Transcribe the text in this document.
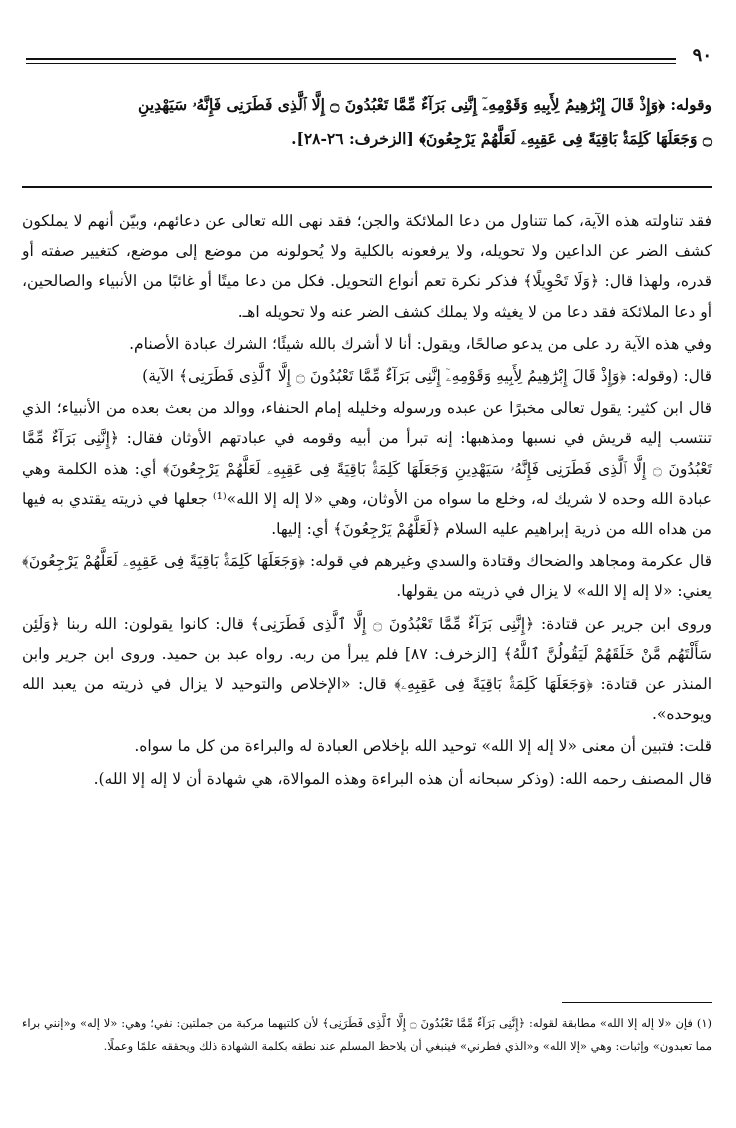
٩٠

وقوله: ﴿وَإِذْ قَالَ إِبْرَٰهِيمُ لِأَبِيهِ وَقَوْمِهِۦٓ إِنَّنِى بَرَآءٌ مِّمَّا تَعْبُدُونَ ۝ إِلَّا ٱلَّذِى فَطَرَنِى فَإِنَّهُۥ سَيَهْدِينِ

۝ وَجَعَلَهَا كَلِمَةًۢ بَاقِيَةً فِى عَقِبِهِۦ لَعَلَّهُمْ يَرْجِعُونَ﴾ [الزخرف: ٢٦-٢٨].

فقد تناولته هذه الآية، كما تتناول من دعا الملائكة والجن؛ فقد نهى الله تعالى عن دعائهم، وبيّن أنهم لا يملكون كشف الضر عن الداعين ولا تحويله، ولا يرفعونه بالكلية ولا يُحولونه من موضع إلى موضع، كتغيير صفته أو قدره، ولهذا قال: ﴿وَلَا تَحْوِيلًا﴾ فذكر نكرة تعم أنواع التحويل. فكل من دعا ميتًا أو غائبًا من الأنبياء والصالحين، أو دعا الملائكة فقد دعا من لا يغيثه ولا يملك كشف الضر عنه ولا تحويله اهـ.

وفي هذه الآية رد على من يدعو صالحًا، ويقول: أنا لا أشرك بالله شيئًا؛ الشرك عبادة الأصنام.

قال: (وقوله: ﴿وَإِذْ قَالَ إِبْرَٰهِيمُ لِأَبِيهِ وَقَوْمِهِۦٓ إِنَّنِى بَرَآءٌ مِّمَّا تَعْبُدُونَ ۝ إِلَّا ٱلَّذِى فَطَرَنِى﴾ الآية)

قال ابن كثير: يقول تعالى مخبرًا عن عبده ورسوله وخليله إمام الحنفاء، ووالد من بعث بعده من الأنبياء؛ الذي تنتسب إليه قريش في نسبها ومذهبها: إنه تبرأ من أبيه وقومه في عبادتهم الأوثان فقال: ﴿إِنَّنِى بَرَآءٌ مِّمَّا تَعْبُدُونَ ۝ إِلَّا ٱلَّذِى فَطَرَنِى فَإِنَّهُۥ سَيَهْدِينِ وَجَعَلَهَا كَلِمَةًۢ بَاقِيَةً فِى عَقِبِهِۦ لَعَلَّهُمْ يَرْجِعُونَ﴾ أي: هذه الكلمة وهي عبادة الله وحده لا شريك له، وخلع ما سواه من الأوثان، وهي «لا إله إلا الله»⁽¹⁾ جعلها في ذريته يقتدي به فيها من هداه الله من ذرية إبراهيم عليه السلام ﴿لَعَلَّهُمْ يَرْجِعُونَ﴾ أي: إليها.

قال عكرمة ومجاهد والضحاك وقتادة والسدي وغيرهم في قوله: ﴿وَجَعَلَهَا كَلِمَةًۢ بَاقِيَةً فِى عَقِبِهِۦ لَعَلَّهُمْ يَرْجِعُونَ﴾ يعني: «لا إله إلا الله» لا يزال في ذريته من يقولها.

وروى ابن جرير عن قتادة: ﴿إِنَّنِى بَرَآءٌ مِّمَّا تَعْبُدُونَ ۝ إِلَّا ٱلَّذِى فَطَرَنِى﴾ قال: كانوا يقولون: الله ربنا ﴿وَلَئِن سَأَلْتَهُم مَّنْ خَلَقَهُمْ لَيَقُولُنَّ ٱللَّهُ﴾ [الزخرف: ٨٧] فلم يبرأ من ربه. رواه عبد بن حميد. وروى ابن جرير وابن المنذر عن قتادة: ﴿وَجَعَلَهَا كَلِمَةًۢ بَاقِيَةً فِى عَقِبِهِۦ﴾ قال: «الإخلاص والتوحيد لا يزال في ذريته من يعبد الله ويوحده».

قلت: فتبين أن معنى «لا إله إلا الله» توحيد الله بإخلاص العبادة له والبراءة من كل ما سواه.

قال المصنف رحمه الله: (وذكر سبحانه أن هذه البراءة وهذه الموالاة، هي شهادة أن لا إله إلا الله).

(١) فإن «لا إله إلا الله» مطابقة لقوله: ﴿إِنَّنِى بَرَآءٌ مِّمَّا تَعْبُدُونَ ۝ إِلَّا ٱلَّذِى فَطَرَنِى﴾ لأن كلتيهما مركبة من جملتين: نفي؛ وهي: «لا إله» و«إنني براء مما تعبدون» وإثبات: وهي «إلا الله» و«الذي فطرني» فينبغي أن يلاحظ المسلم عند نطقه بكلمة الشهادة ذلك ويحققه علمًا وعملًا.
